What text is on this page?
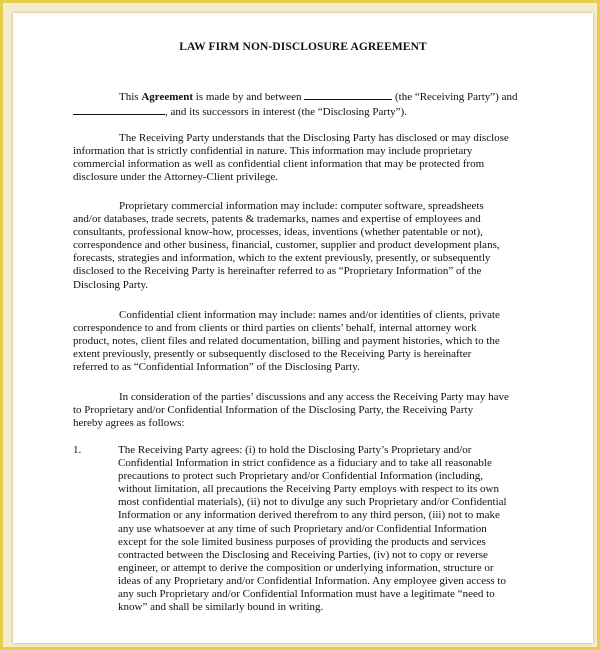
LAW FIRM NON-DISCLOSURE AGREEMENT
This Agreement is made by and between	(the “Receiving Party”) and
, and its successors in interest (the “Disclosing Party”).
The Receiving Party understands that the Disclosing Party has disclosed or may disclose
information that is strictly confidential in nature. This information may include proprietary
commercial information as well as confidential client information that may be protected from
disclosure under the Attorney-Client privilege.
Proprietary commercial information may include: computer software, spreadsheets
and/or databases, trade secrets, patents & trademarks, names and expertise of employees and
consultants, professional know-how, processes, ideas, inventions (whether patentable or not),
correspondence and other business, financial, customer, supplier and product development plans,
forecasts, strategies and information, which to the extent previously, presently, or subsequently
disclosed to the Receiving Party is hereinafter referred to as “Proprietary Information” of the
Disclosing Party.
Confidential client information may include: names and/or identities of clients, private
correspondence to and from clients or third parties on clients’ behalf, internal attorney work
product, notes, client files and related documentation, billing and payment histories, which to the
extent previously, presently or subsequently disclosed to the Receiving Party is hereinafter
referred to as “Confidential Information” of the Disclosing Party.
In consideration of the parties’ discussions and any access the Receiving Party may have
to Proprietary and/or Confidential Information of the Disclosing Party, the Receiving Party
hereby agrees as follows:
1.	The Receiving Party agrees: (i) to hold the Disclosing Party’s Proprietary and/or
Confidential Information in strict confidence as a fiduciary and to take all reasonable
precautions to protect such Proprietary and/or Confidential Information (including,
without limitation, all precautions the Receiving Party employs with respect to its own
most confidential materials), (ii) not to divulge any such Proprietary and/or Confidential
Information or any information derived therefrom to any third person, (iii) not to make
any use whatsoever at any time of such Proprietary and/or Confidential Information
except for the sole limited business purposes of providing the products and services
contracted between the Disclosing and Receiving Parties, (iv) not to copy or reverse
engineer, or attempt to derive the composition or underlying information, structure or
ideas of any Proprietary and/or Confidential Information. Any employee given access to
any such Proprietary and/or Confidential Information must have a legitimate “need to
know” and shall be similarly bound in writing.
